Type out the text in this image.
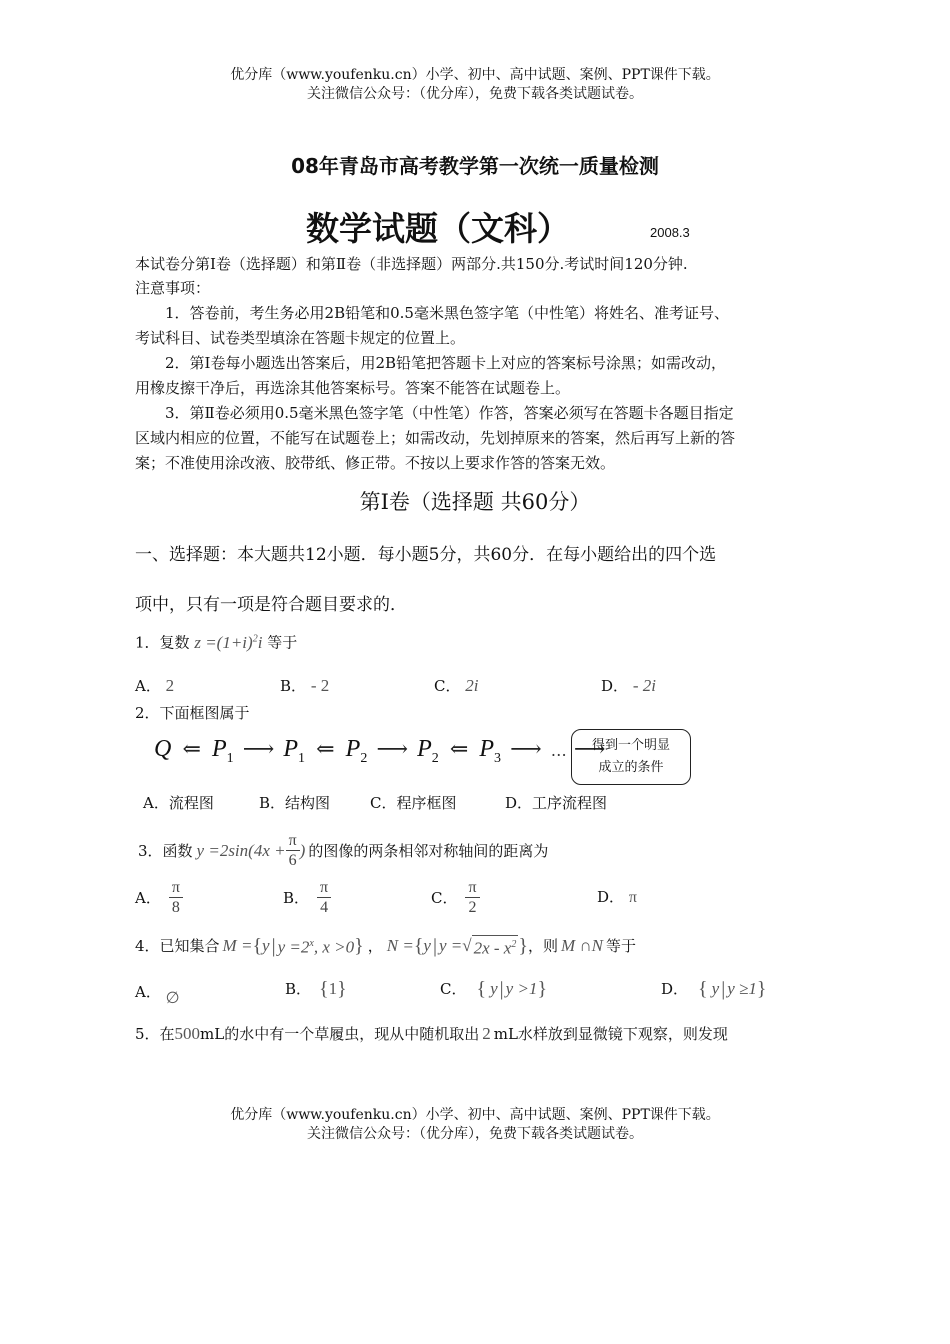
优分库（www.youfenku.cn）小学、初中、高中试题、案例、PPT课件下载。
关注微信公众号：（优分库），免费下载各类试题试卷。
08年青岛市高考教学第一次统一质量检测
数学试题（文科）	2008.3
本试卷分第Ⅰ卷（选择题）和第Ⅱ卷（非选择题）两部分.共150分.考试时间120分钟.
注意事项：
1．答卷前，考生务必用2B铅笔和0.5毫米黑色签字笔（中性笔）将姓名、准考证号、
考试科目、试卷类型填涂在答题卡规定的位置上。
2．第Ⅰ卷每小题选出答案后，用2B铅笔把答题卡上对应的答案标号涂黑；如需改动，
用橡皮擦干净后，再选涂其他答案标号。答案不能答在试题卷上。
3．第Ⅱ卷必须用0.5毫米黑色签字笔（中性笔）作答，答案必须写在答题卡各题目指定
区域内相应的位置，不能写在试题卷上；如需改动，先划掉原来的答案，然后再写上新的答
案；不准使用涂改液、胶带纸、修正带。不按以上要求作答的答案无效。
第Ⅰ卷（选择题 共60分）
一、选择题：本大题共12小题．每小题5分，共60分．在每小题给出的四个选
项中，只有一项是符合题目要求的．
1．复数 $z =(1+i)^2i$ 等于
A． 2	B． - 2	C． 2i	D． - 2i
2．下面框图属于
Q ⇐ $P_1$ ⟶ $P_1$ ⇐ $P_2$ ⟶ $P_2$ ⇐ $P_3$ ⟶ … ⟶
得到一个明显
成立的条件
A．流程图	B．结构图	C．程序框图	D．工序流程图
3．函数 $y =2\sin(4x + \frac{\pi}{6}$ ) 的图像的两条相邻对称轴间的距离为
A． $\frac{\pi}{8}$	B． $\frac{\pi}{4}$	C． $\frac{\pi}{2}$	D． π
4．已知集合 M = { y | $y =2^x$, x >0 } ， N = { y | y =√ $2x - x^2$ } ，则 M ∩N 等于
A． ∅
B． { 1 }	C． { y | y >1 }	D． { y | y ≥1 }
5．在500mL的水中有一个草履虫，现从中随机取出 2 mL水样放到显微镜下观察，则发现
优分库（www.youfenku.cn）小学、初中、高中试题、案例、PPT课件下载。
关注微信公众号：（优分库），免费下载各类试题试卷。
